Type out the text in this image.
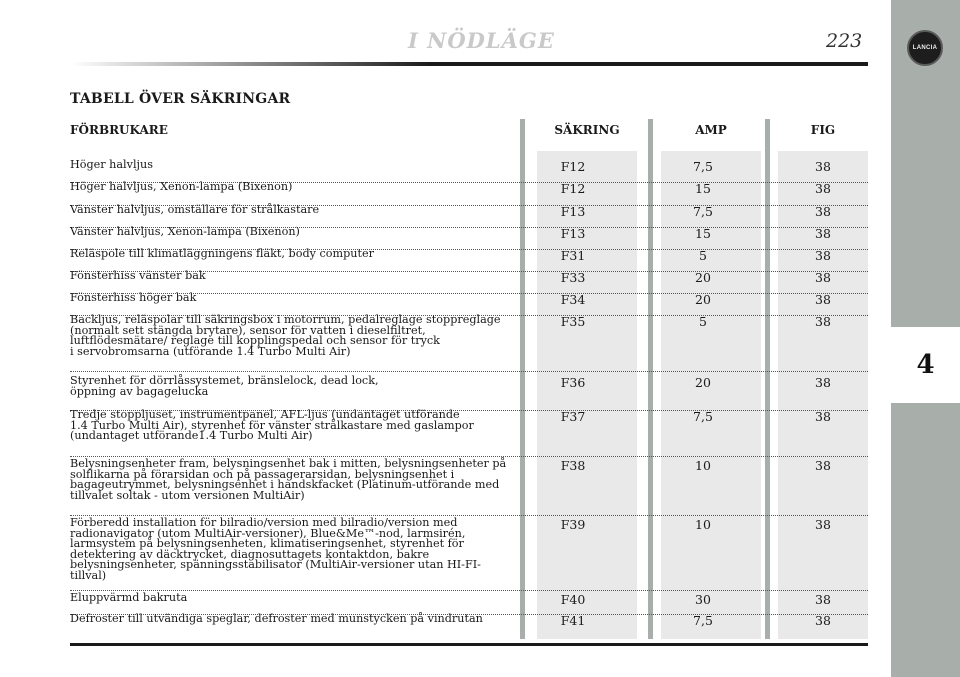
LANCIA
4
I NÖDLÄGE	223
TABELL ÖVER SÄKRINGAR
FÖRBRUKARE	SÄKRING	AMP	FIG
Höger halvljus	F12	7,5	38
Höger halvljus, Xenon-lampa (Bixenon)	F12	15	38
Vänster halvljus, omställare för strålkastare	F13	7,5	38
Vänster halvljus, Xenon-lampa (Bixenon)	F13	15	38
Reläspole till klimatläggningens fläkt, body computer	F31	5	38
Fönsterhiss vänster bak	F33	20	38
Fönsterhiss höger bak	F34	20	38
Backljus, reläspolar till säkringsbox i motorrum, pedalreglage stoppreglage
(normalt sett stängda brytare), sensor för vatten i dieselfiltret,
luftflödesmätare/ reglage till kopplingspedal och sensor för tryck
i servobromsarna (utförande 1.4 Turbo Multi Air)
F35	5	38
Styrenhet för dörrlåssystemet, bränslelock, dead lock,
öppning av bagagelucka
F36	20	38
Tredje stoppljuset, instrumentpanel, AFL-ljus (undantaget utförande
1.4 Turbo Multi Air), styrenhet för vänster strålkastare med gaslampor
(undantaget utförande1.4 Turbo Multi Air)
F37	7,5	38
Belysningsenheter fram, belysningsenhet bak i mitten, belysningsenheter på
solflikarna på förarsidan och på passagerarsidan, belysningsenhet i
bagageutrymmet, belysningsenhet i handskfacket (Platinum-utförande med
tillvalet soltak - utom versionen MultiAir)
F38	10	38
Förberedd installation för bilradio/version med bilradio/version med
radionavigator (utom MultiAir-versioner), Blue&Me™-nod, larmsirén,
larmsystem på belysningsenheten, klimatiseringsenhet, styrenhet för
detektering av däcktrycket, diagnosuttagets kontaktdon, bakre
belysningsenheter, spänningsstabilisator (MultiAir-versioner utan HI-FI-tillval)
F39	10	38
Eluppvärmd bakruta	F40	30	38
Defroster till utvändiga speglar, defroster med munstycken på vindrutan	F41	7,5	38
